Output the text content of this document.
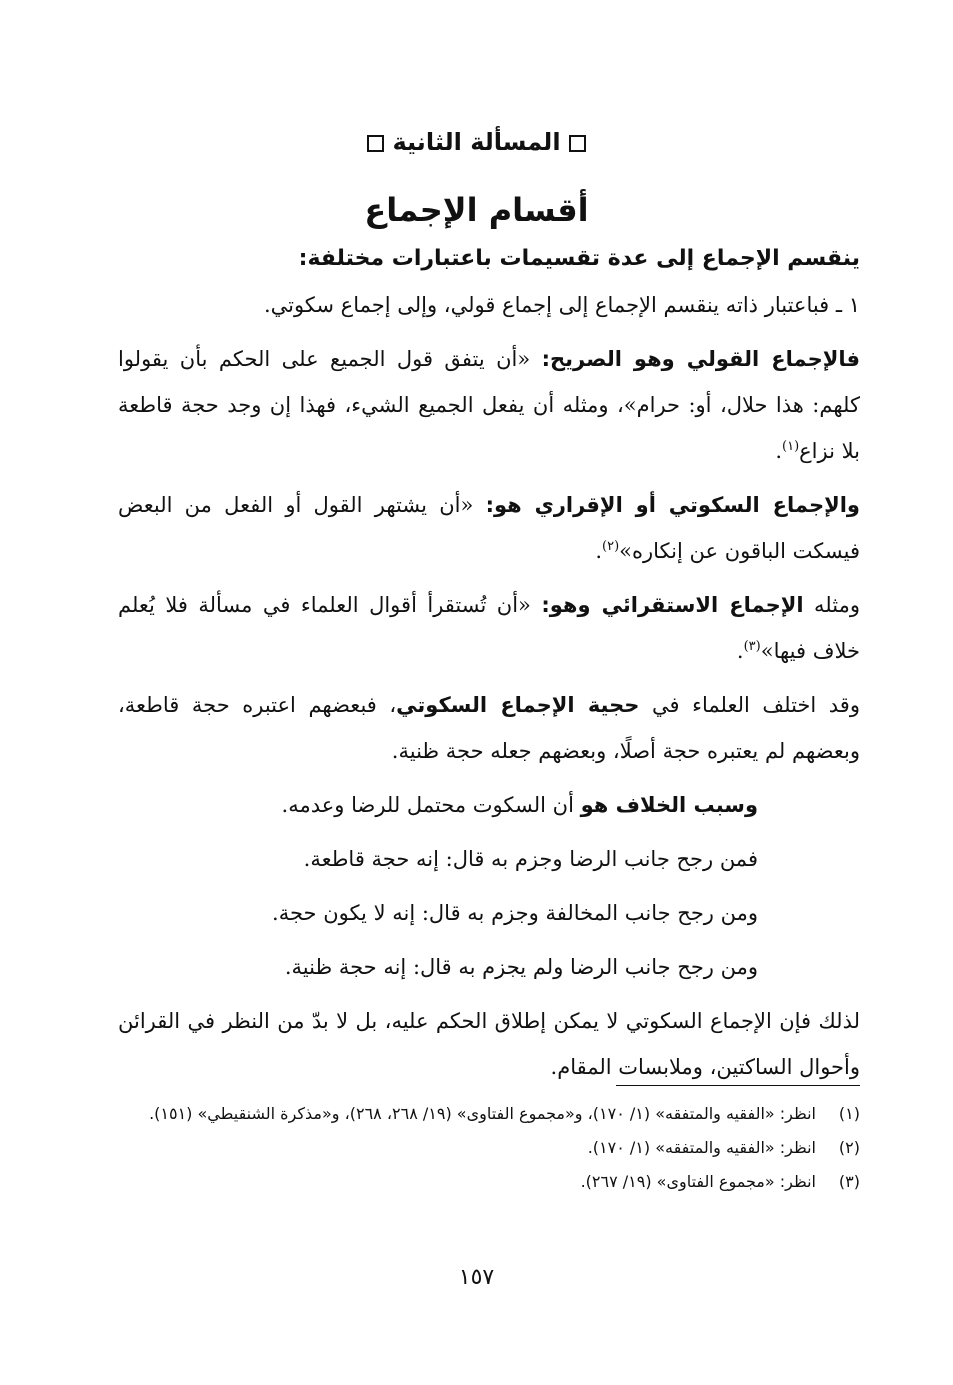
المسألة الثانية
أقسام الإجماع

ينقسم الإجماع إلى عدة تقسيمات باعتبارات مختلفة:

١ ـ فباعتبار ذاته ينقسم الإجماع إلى إجماع قولي، وإلى إجماع سكوتي.

فالإجماع القولي وهو الصريح: «أن يتفق قول الجميع على الحكم بأن يقولوا كلهم: هذا حلال، أو: حرام»، ومثله أن يفعل الجميع الشيء، فهذا إن وجد حجة قاطعة بلا نزاع$^{(١)}$.

والإجماع السكوتي أو الإقراري هو: «أن يشتهر القول أو الفعل من البعض فيسكت الباقون عن إنكاره»$^{(٢)}$.

ومثله الإجماع الاستقرائي وهو: «أن تُستقرأ أقوال العلماء في مسألة فلا يُعلم خلاف فيها»$^{(٣)}$.

وقد اختلف العلماء في حجية الإجماع السكوتي، فبعضهم اعتبره حجة قاطعة، وبعضهم لم يعتبره حجة أصلًا، وبعضهم جعله حجة ظنية.

وسبب الخلاف هو أن السكوت محتمل للرضا وعدمه.

فمن رجح جانب الرضا وجزم به قال: إنه حجة قاطعة.

ومن رجح جانب المخالفة وجزم به قال: إنه لا يكون حجة.

ومن رجح جانب الرضا ولم يجزم به قال: إنه حجة ظنية.

لذلك فإن الإجماع السكوتي لا يمكن إطلاق الحكم عليه، بل لا بدّ من النظر في القرائن وأحوال الساكتين، وملابسات المقام.

(١)
انظر: «الفقيه والمتفقه» (١/ ١٧٠)، و«مجموع الفتاوى» (١٩/ ٢٦٨، ٢٦٨)، و«مذكرة الشنقيطي» (١٥١).
(٢)
انظر: «الفقيه والمتفقه» (١/ ١٧٠).
(٣)
انظر: «مجموع الفتاوى» (١٩/ ٢٦٧).
١٥٧
